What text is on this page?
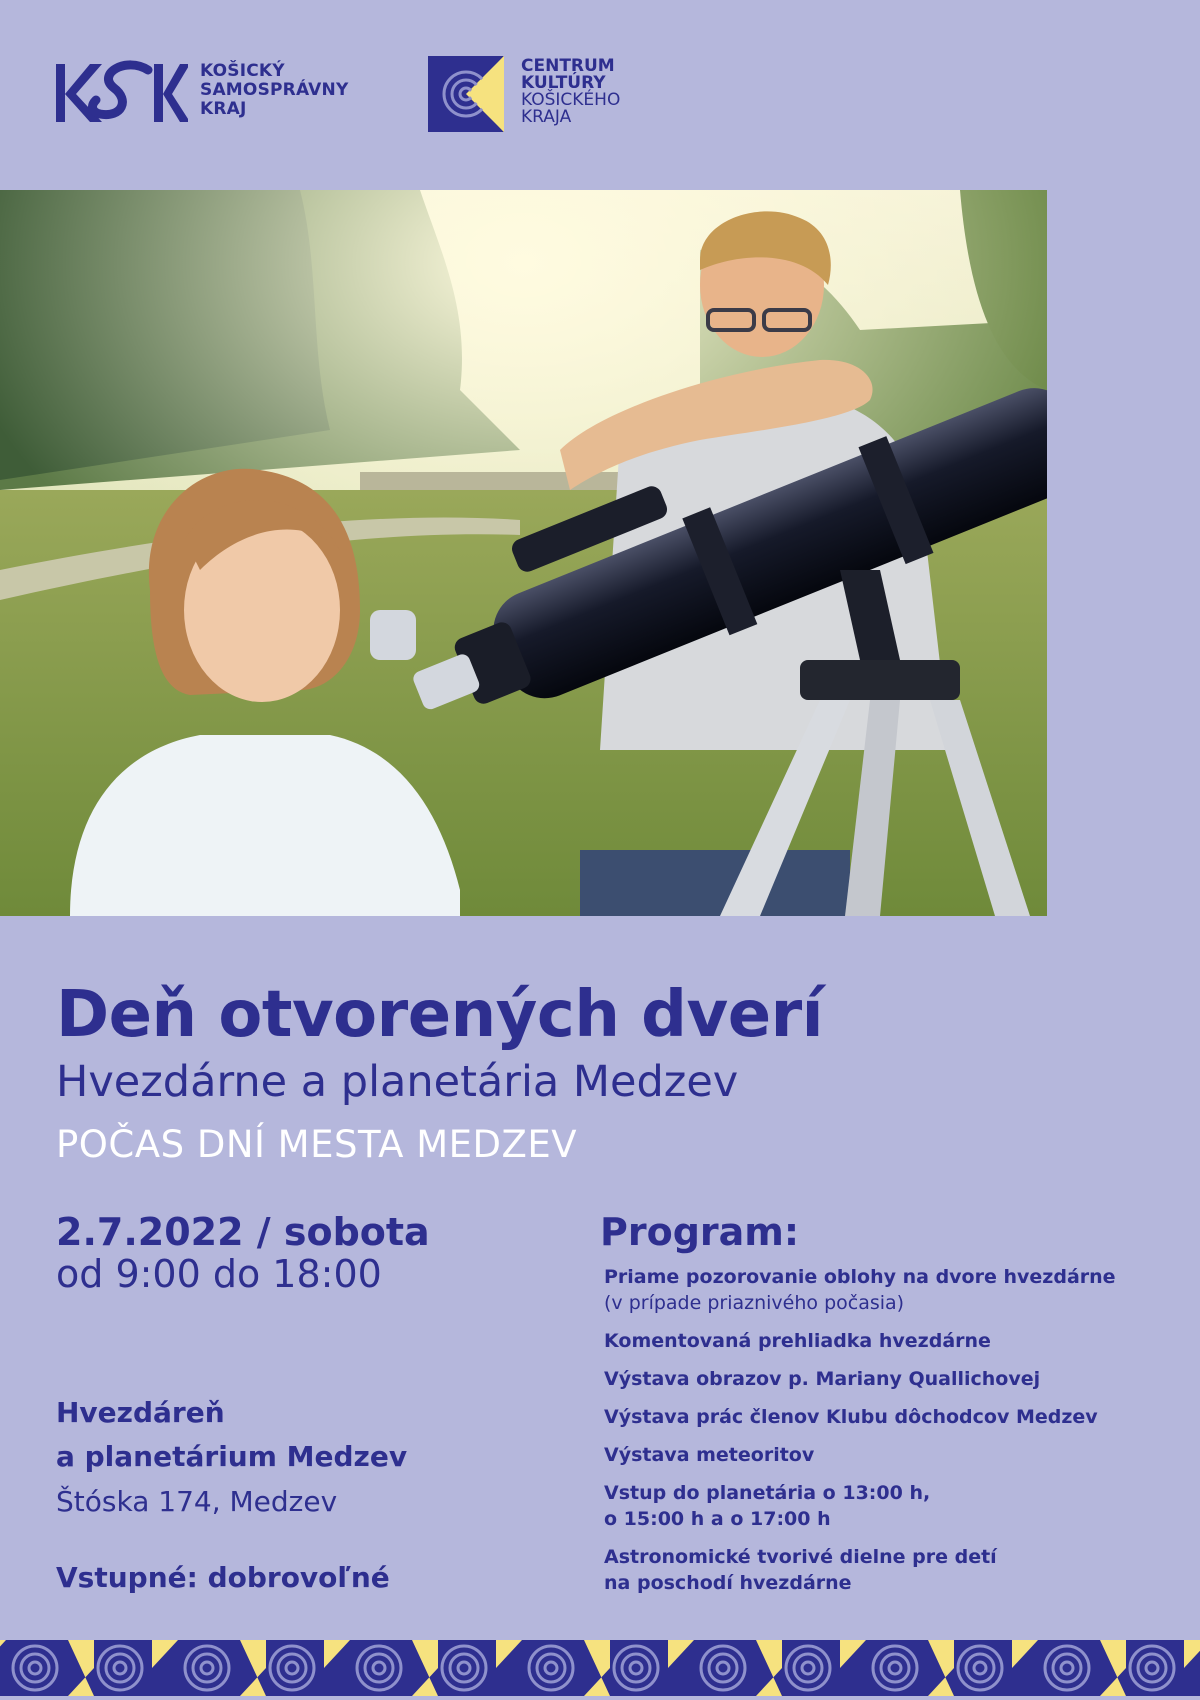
KOŠICKÝ
SAMOSPRÁVNY
KRAJ
CENTRUM
KULTÚRY
KOŠICKÉHO
KRAJA
Deň otvorených dverí
Hvezdárne a planetária Medzev
POČAS DNÍ MESTA MEDZEV
2.7.2022 / sobota
od 9:00 do 18:00
Hvezdáreň
a planetárium Medzev
Štóska 174, Medzev
Vstupné: dobrovoľné
Program:
Priame pozorovanie oblohy na dvore hvezdárne
(v prípade priaznivého počasia)
Komentovaná prehliadka hvezdárne
Výstava obrazov p. Mariany Quallichovej
Výstava prác členov Klubu dôchodcov Medzev
Výstava meteoritov
Vstup do planetária o 13:00 h,
o 15:00 h a o 17:00 h
Astronomické tvorivé dielne pre detí
na poschodí hvezdárne
